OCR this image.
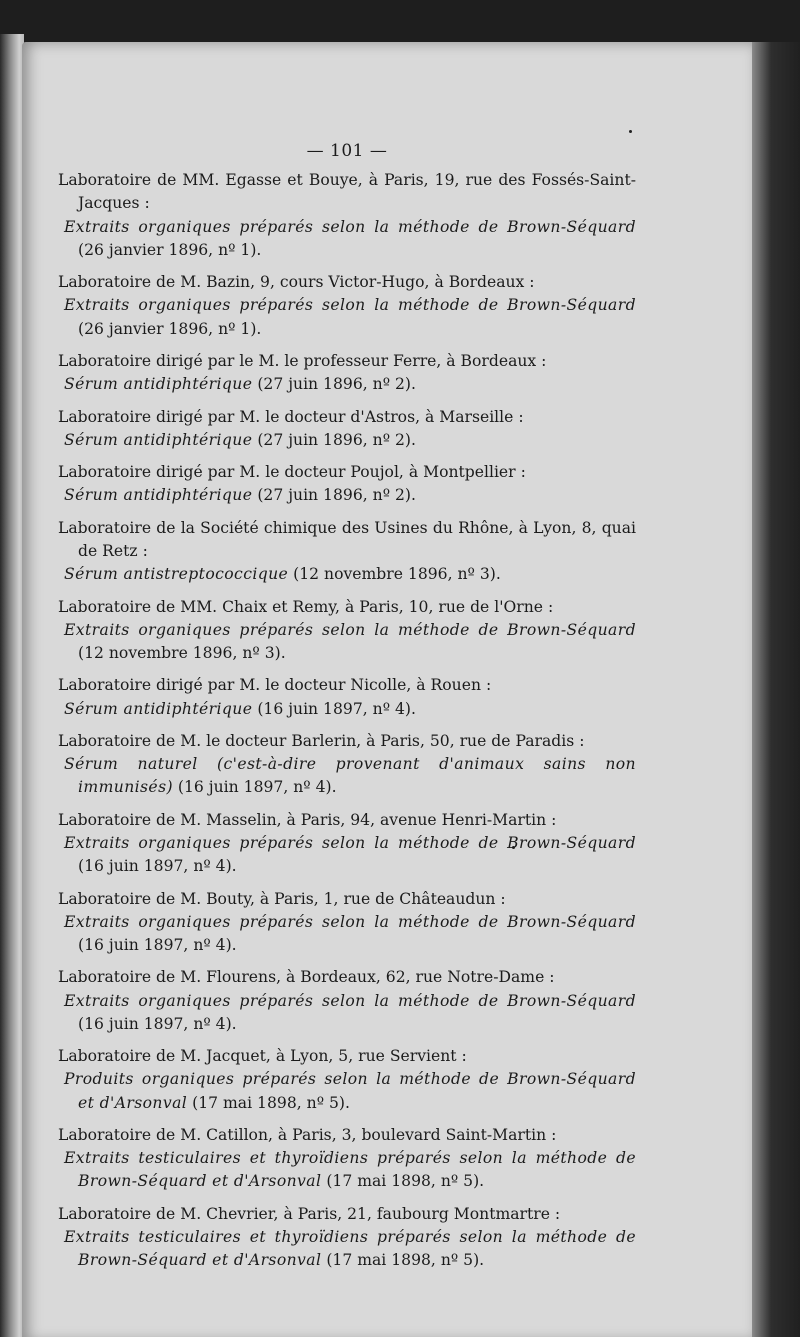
— 101 —
Laboratoire de MM. Egasse et Bouye, à Paris, 19, rue des Fossés-Saint-Jacques :
Extraits organiques préparés selon la méthode de Brown-Séquard (26 janvier 1896, nº 1).
Laboratoire de M. Bazin, 9, cours Victor-Hugo, à Bordeaux :
Extraits organiques préparés selon la méthode de Brown-Séquard (26 janvier 1896, nº 1).
Laboratoire dirigé par le M. le professeur Ferre, à Bordeaux :
Sérum antidiphtérique (27 juin 1896, nº 2).
Laboratoire dirigé par M. le docteur d'Astros, à Marseille :
Sérum antidiphtérique (27 juin 1896, nº 2).
Laboratoire dirigé par M. le docteur Poujol, à Montpellier :
Sérum antidiphtérique (27 juin 1896, nº 2).
Laboratoire de la Société chimique des Usines du Rhône, à Lyon, 8, quai de Retz :
Sérum antistreptococcique (12 novembre 1896, nº 3).
Laboratoire de MM. Chaix et Remy, à Paris, 10, rue de l'Orne :
Extraits organiques préparés selon la méthode de Brown-Séquard (12 novembre 1896, nº 3).
Laboratoire dirigé par M. le docteur Nicolle, à Rouen :
Sérum antidiphtérique (16 juin 1897, nº 4).
Laboratoire de M. le docteur Barlerin, à Paris, 50, rue de Paradis :
Sérum naturel (c'est-à-dire provenant d'animaux sains non immunisés) (16 juin 1897, nº 4).
Laboratoire de M. Masselin, à Paris, 94, avenue Henri-Martin :
Extraits organiques préparés selon la méthode de Brown-Séquard (16 juin 1897, nº 4).
Laboratoire de M. Bouty, à Paris, 1, rue de Châteaudun :
Extraits organiques préparés selon la méthode de Brown-Séquard (16 juin 1897, nº 4).
Laboratoire de M. Flourens, à Bordeaux, 62, rue Notre-Dame :
Extraits organiques préparés selon la méthode de Brown-Séquard (16 juin 1897, nº 4).
Laboratoire de M. Jacquet, à Lyon, 5, rue Servient :
Produits organiques préparés selon la méthode de Brown-Séquard et d'Arsonval (17 mai 1898, nº 5).
Laboratoire de M. Catillon, à Paris, 3, boulevard Saint-Martin :
Extraits testiculaires et thyroïdiens préparés selon la méthode de Brown-Séquard et d'Arsonval (17 mai 1898, nº 5).
Laboratoire de M. Chevrier, à Paris, 21, faubourg Montmartre :
Extraits testiculaires et thyroïdiens préparés selon la méthode de Brown-Séquard et d'Arsonval (17 mai 1898, nº 5).
